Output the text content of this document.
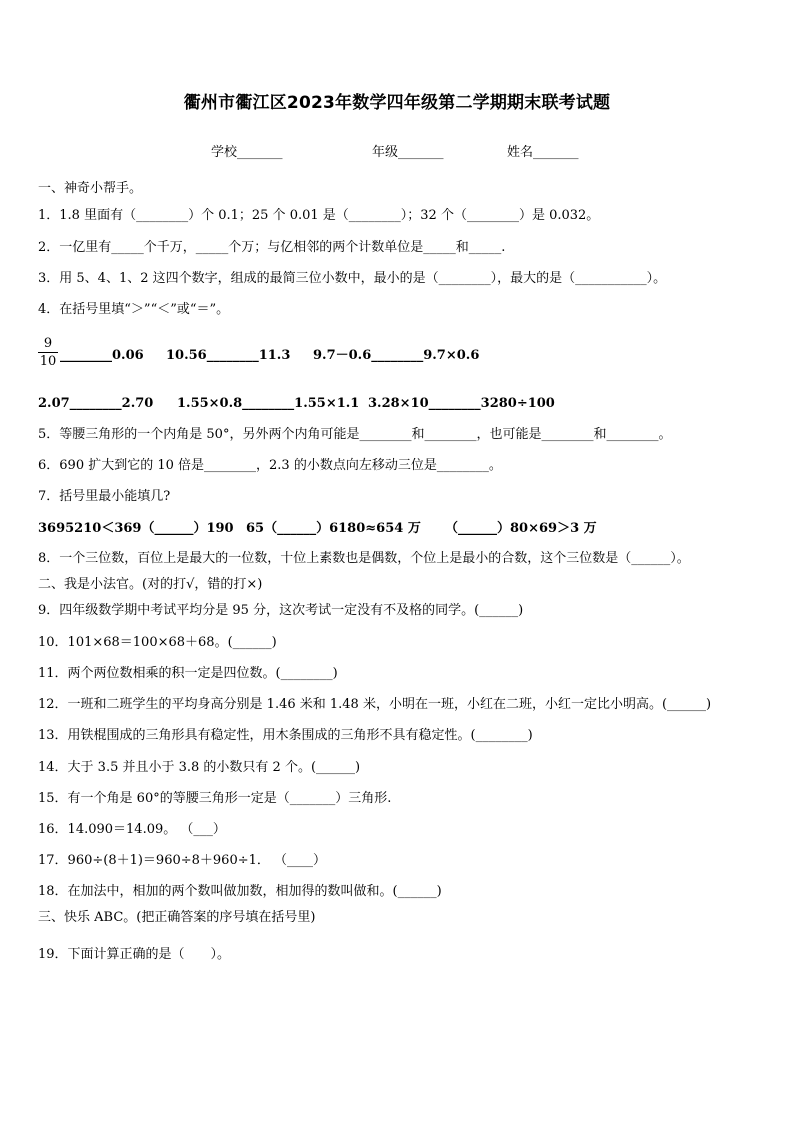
衢州市衢江区2023年数学四年级第二学期期末联考试题
学校_______	年级_______	姓名_______
一、神奇小帮手。
1．1.8 里面有（________）个 0.1；25 个 0.01 是（________）；32 个（________）是 0.032。
2．一亿里有_____个千万，_____个万；与亿相邻的两个计数单位是_____和_____.
3．用 5、4、1、2 这四个数字，组成的最简三位小数中，最小的是（________），最大的是（___________）。
4．在括号里填“＞”“＜”或“＝”。
9
10 ________0.06 10.56________11.3 9.7－0.6________9.7×0.6
2.07________2.70 1.55×0.8________1.55×1.1 3.28×10________3280÷100
5．等腰三角形的一个内角是 50°，另外两个内角可能是________和________，也可能是________和________。
6．690 扩大到它的 10 倍是________，2.3 的小数点向左移动三位是________。
7．括号里最小能填几?
3695210＜369（______）190 65（______）6180≈654 万 （______）80×69＞3 万
8．一个三位数，百位上是最大的一位数，十位上素数也是偶数，个位上是最小的合数，这个三位数是（______）。
二、我是小法官。(对的打√，错的打×)
9．四年级数学期中考试平均分是 95 分，这次考试一定没有不及格的同学。(______)
10．101×68＝100×68＋68。(______)
11．两个两位数相乘的积一定是四位数。(________)
12．一班和二班学生的平均身高分别是 1.46 米和 1.48 米，小明在一班，小红在二班，小红一定比小明高。(______)
13．用铁棍围成的三角形具有稳定性，用木条围成的三角形不具有稳定性。(________)
14．大于 3.5 并且小于 3.8 的小数只有 2 个。(______)
15．有一个角是 60°的等腰三角形一定是（_______）三角形.
16．14.090＝14.09。 （___）
17．960÷(8＋1)＝960÷8＋960÷1． （____）
18．在加法中，相加的两个数叫做加数，相加得的数叫做和。(______)
三、快乐 ABC。(把正确答案的序号填在括号里)
19．下面计算正确的是（　　）。
